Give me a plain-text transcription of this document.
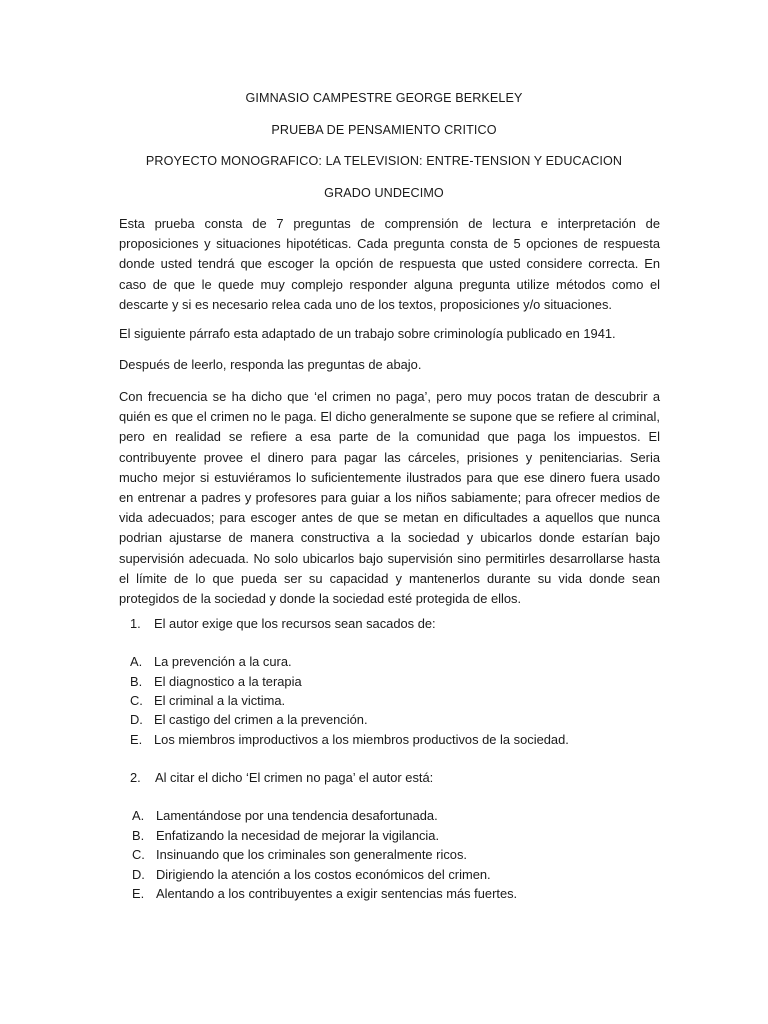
GIMNASIO CAMPESTRE GEORGE BERKELEY

PRUEBA DE PENSAMIENTO CRITICO

PROYECTO MONOGRAFICO: LA TELEVISION: ENTRE-TENSION Y EDUCACION

GRADO UNDECIMO

Esta prueba consta de 7 preguntas de comprensión de lectura e interpretación de proposiciones y situaciones hipotéticas. Cada pregunta consta de 5 opciones de respuesta donde usted tendrá que escoger la opción de respuesta que usted considere correcta. En caso de que le quede muy complejo responder alguna pregunta utilize métodos como el descarte y si es necesario relea cada uno de los textos, proposiciones y/o situaciones.

El siguiente párrafo esta adaptado de un trabajo sobre criminología publicado en 1941.

Después de leerlo, responda las preguntas de abajo.

Con frecuencia se ha dicho que ‘el crimen no paga’, pero muy pocos tratan de descubrir a quién es que el crimen no le paga. El dicho generalmente se supone que se refiere al criminal, pero en realidad se refiere a esa parte de la comunidad que paga los impuestos. El contribuyente provee el dinero para pagar las cárceles, prisiones y penitenciarias. Seria mucho mejor si estuviéramos lo suficientemente ilustrados para que ese dinero fuera usado en entrenar a padres y profesores para guiar a los niños sabiamente; para ofrecer medios de vida adecuados; para escoger antes de que se metan en dificultades a aquellos que nunca podrian ajustarse de manera constructiva a la sociedad y ubicarlos donde estarían bajo supervisión adecuada. No solo ubicarlos bajo supervisión sino permitirles desarrollarse hasta el límite de lo que pueda ser su capacidad y mantenerlos durante su vida donde sean protegidos de la sociedad y donde la sociedad esté protegida de ellos.

1. El autor exige que los recursos sean sacados de:

A. La prevención a la cura.

B. El diagnostico a la terapia

C. El criminal a la victima.

D. El castigo del crimen a la prevención.

E. Los miembros improductivos a los miembros productivos de la sociedad.

2. Al citar el dicho ‘El crimen no paga’ el autor está:

A. Lamentándose por una tendencia desafortunada.

B. Enfatizando la necesidad de mejorar la vigilancia.

C. Insinuando que los criminales son generalmente ricos.

D. Dirigiendo la atención a los costos económicos del crimen.

E. Alentando a los contribuyentes a exigir sentencias más fuertes.
